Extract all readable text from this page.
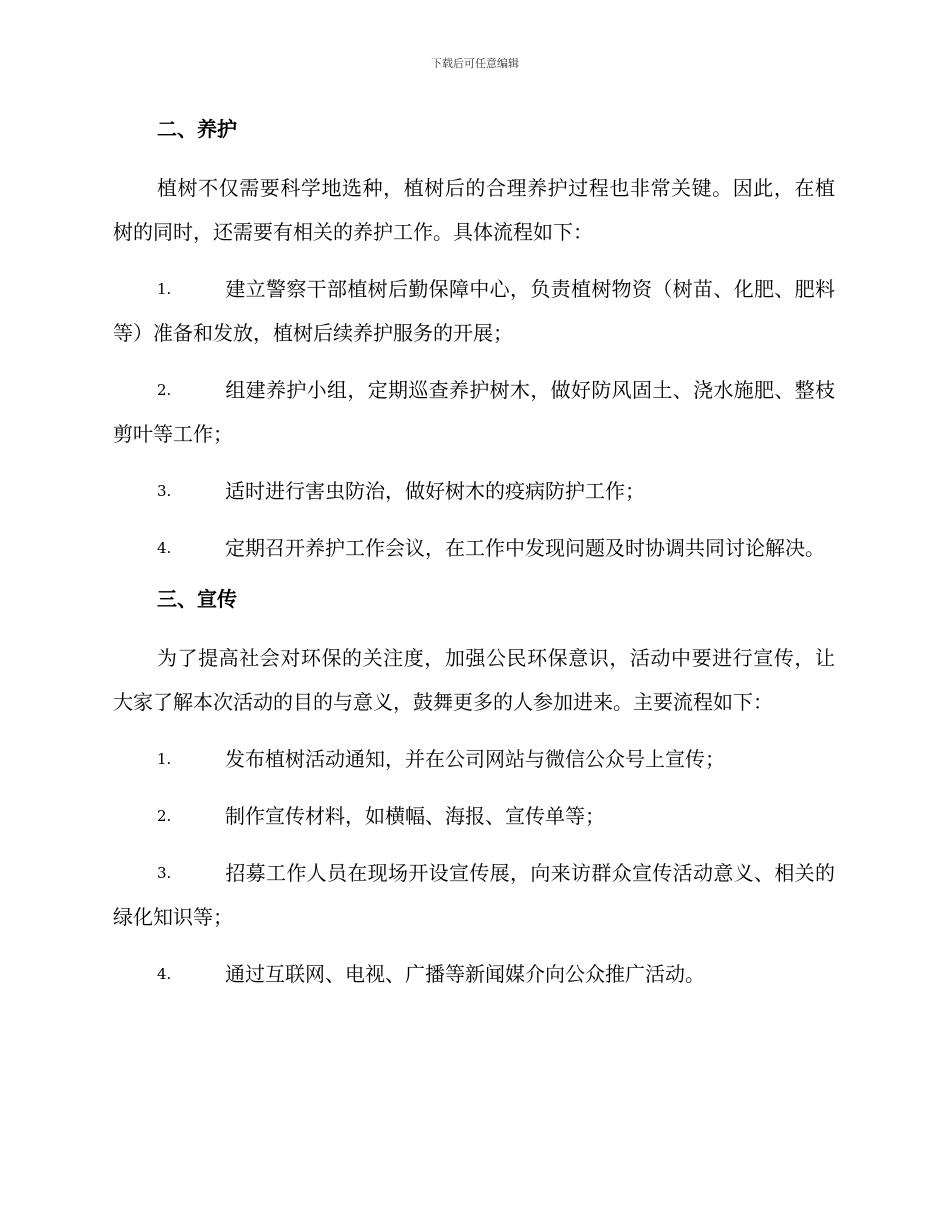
下载后可任意编辑
二、养护

植树不仅需要科学地选种，植树后的合理养护过程也非常关键。因此，在植树的同时，还需要有相关的养护工作。具体流程如下：

1.	建立警察干部植树后勤保障中心，负责植树物资（树苗、化肥、肥料等）准备和发放，植树后续养护服务的开展；

2.	组建养护小组，定期巡查养护树木，做好防风固土、浇水施肥、整枝剪叶等工作；

3.	适时进行害虫防治，做好树木的疫病防护工作；

4.	定期召开养护工作会议，在工作中发现问题及时协调共同讨论解决。

三、宣传

为了提高社会对环保的关注度，加强公民环保意识，活动中要进行宣传，让大家了解本次活动的目的与意义，鼓舞更多的人参加进来。主要流程如下：

1.	发布植树活动通知，并在公司网站与微信公众号上宣传；

2.	制作宣传材料，如横幅、海报、宣传单等；

3.	招募工作人员在现场开设宣传展，向来访群众宣传活动意义、相关的绿化知识等；

4.	通过互联网、电视、广播等新闻媒介向公众推广活动。
